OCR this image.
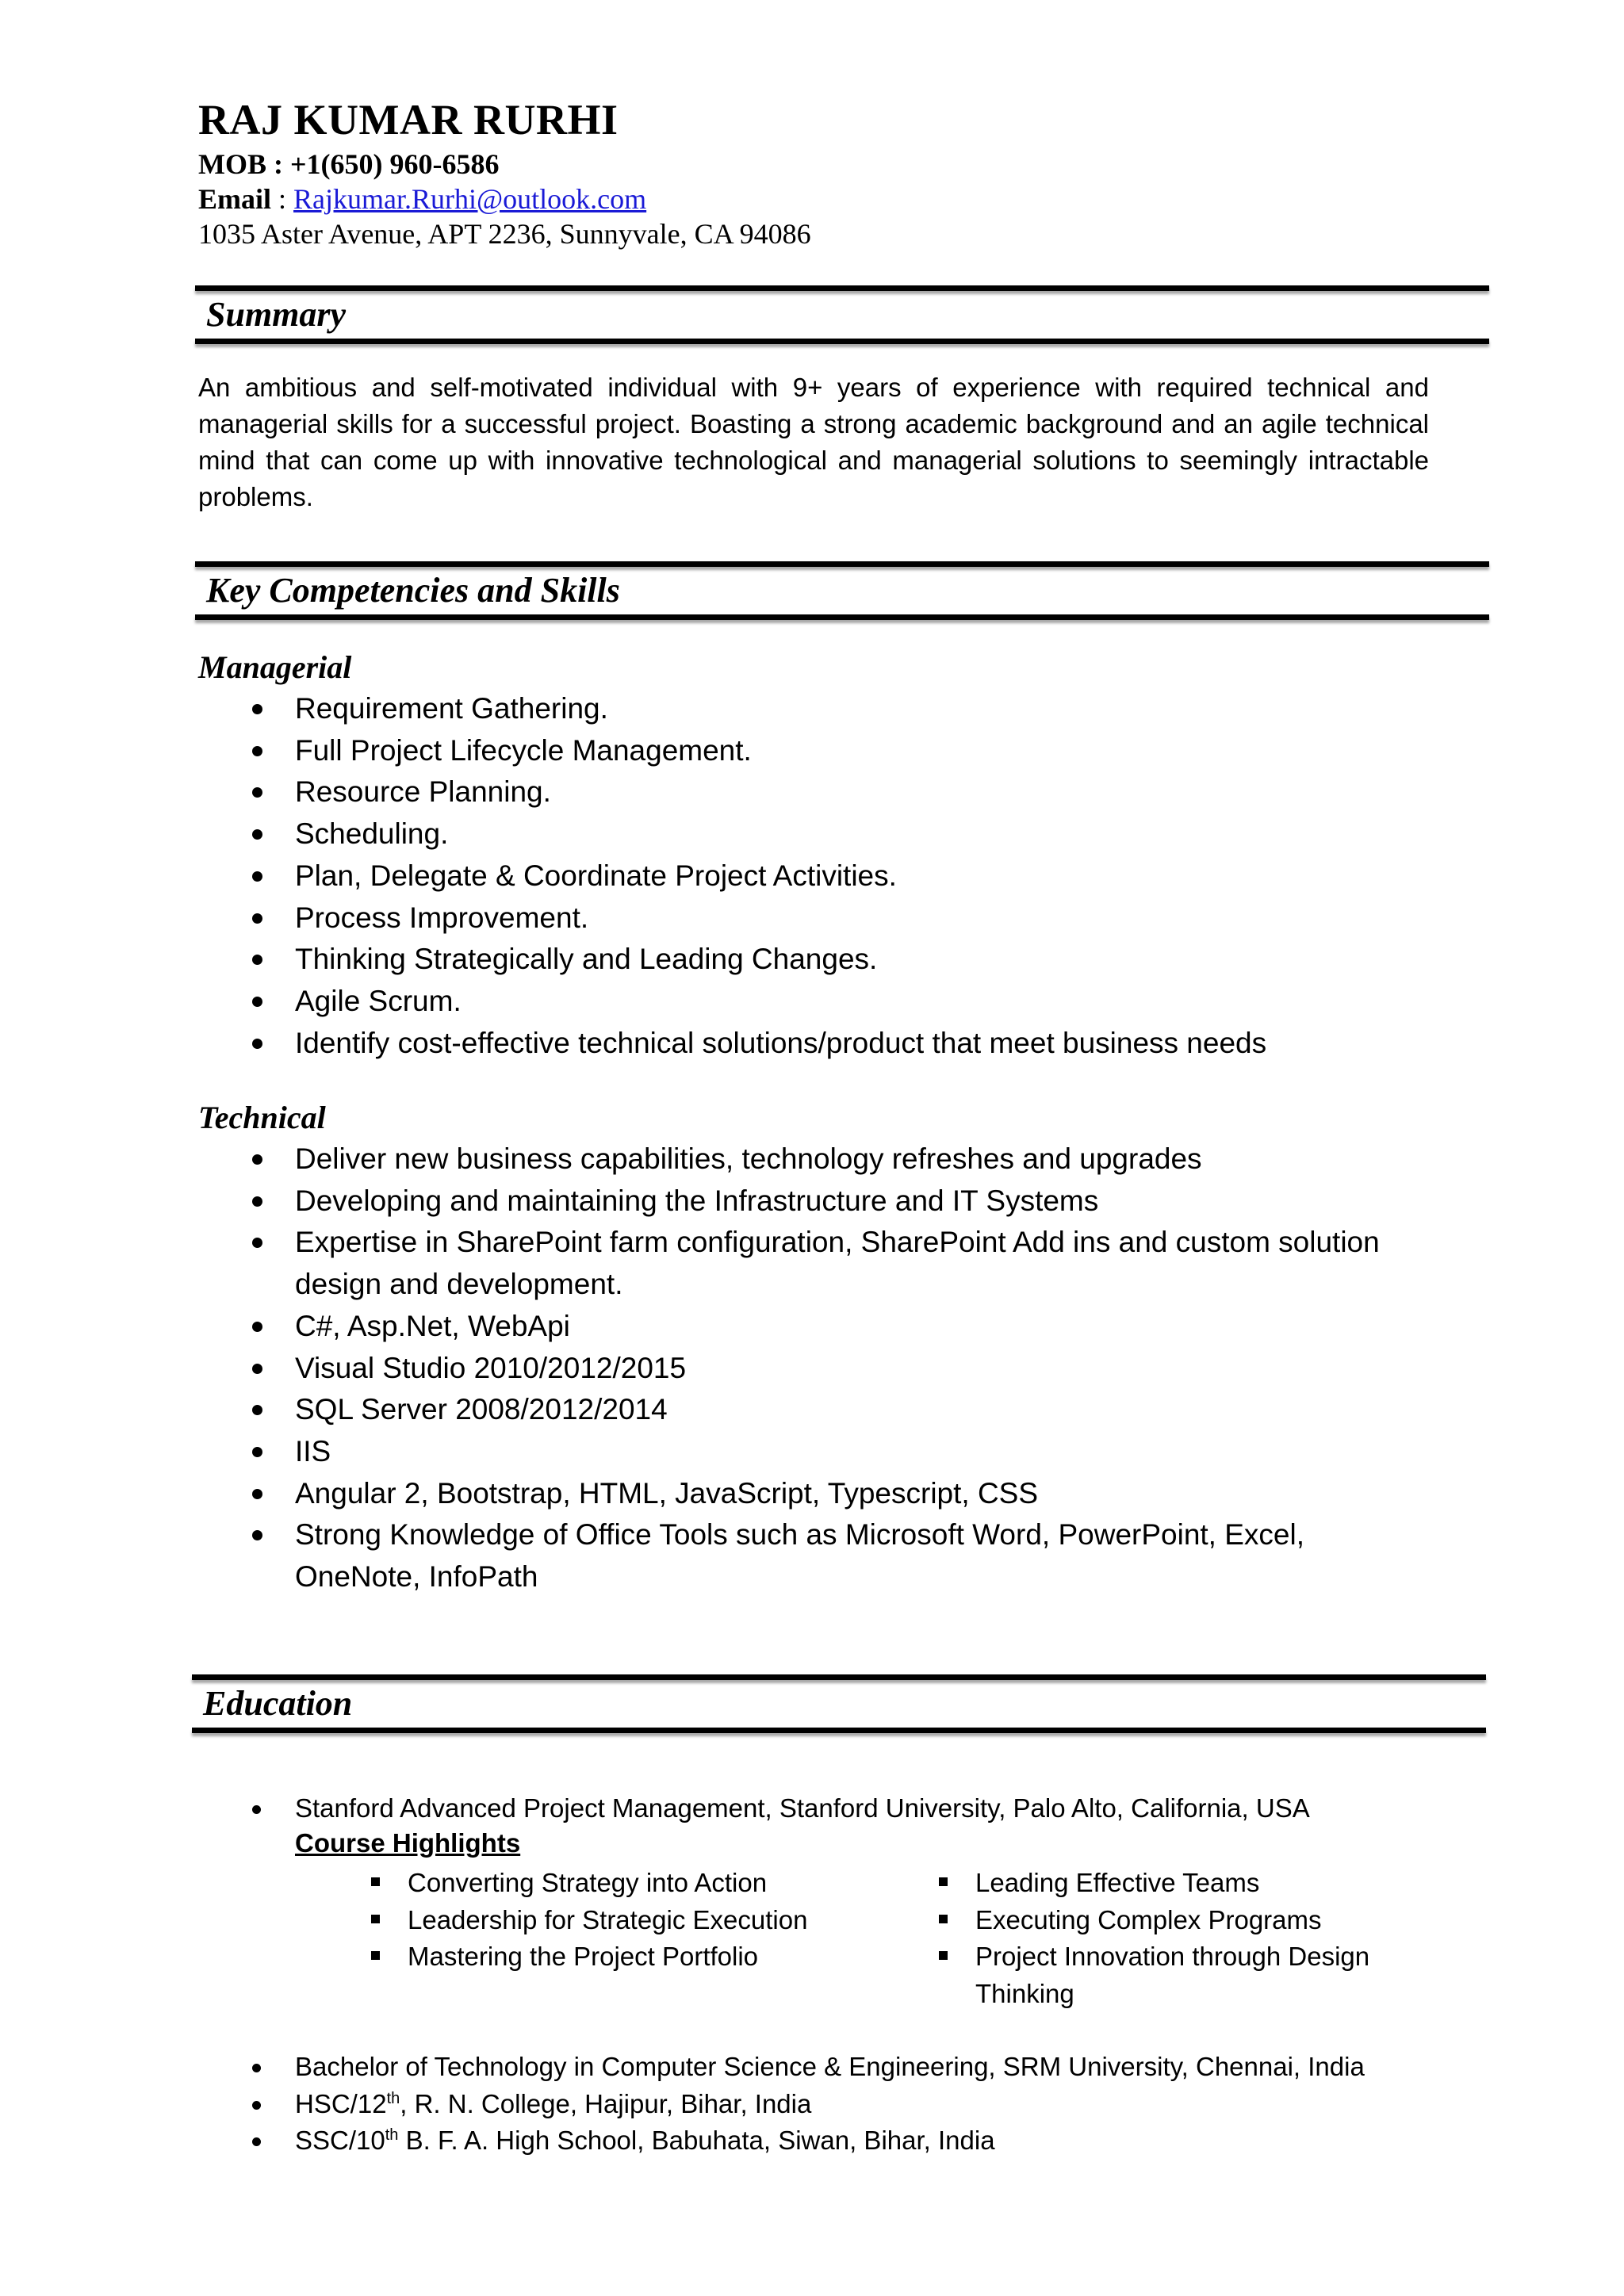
RAJ KUMAR RURHI
MOB : +1(650) 960-6586
Email : Rajkumar.Rurhi@outlook.com
1035 Aster Avenue, APT 2236, Sunnyvale, CA 94086
Summary
An ambitious and self-motivated individual with 9+ years of experience with required technical and managerial skills for a successful project. Boasting a strong academic background and an agile technical mind that can come up with innovative technological and managerial solutions to seemingly intractable problems.
Key Competencies and Skills
Managerial
Requirement Gathering.
Full Project Lifecycle Management.
Resource Planning.
Scheduling.
Plan, Delegate & Coordinate Project Activities.
Process Improvement.
Thinking Strategically and Leading Changes.
Agile Scrum.
Identify cost-effective technical solutions/product that meet business needs
Technical
Deliver new business capabilities, technology refreshes and upgrades
Developing and maintaining the Infrastructure and IT Systems
Expertise in SharePoint farm configuration, SharePoint Add ins and custom solution design and development.
C#, Asp.Net, WebApi
Visual Studio 2010/2012/2015
SQL Server 2008/2012/2014
IIS
Angular 2, Bootstrap, HTML, JavaScript, Typescript, CSS
Strong Knowledge of Office Tools such as Microsoft Word, PowerPoint, Excel, OneNote, InfoPath
Education
Stanford Advanced Project Management, Stanford University, Palo Alto, California, USA
Course Highlights
Converting Strategy into Action
Leadership for Strategic Execution
Mastering the Project Portfolio
Leading Effective Teams
Executing Complex Programs
Project Innovation through Design Thinking
Bachelor of Technology in Computer Science & Engineering, SRM University, Chennai, India
HSC/12th, R. N. College, Hajipur, Bihar, India
SSC/10th B. F. A. High School, Babuhata, Siwan, Bihar, India
